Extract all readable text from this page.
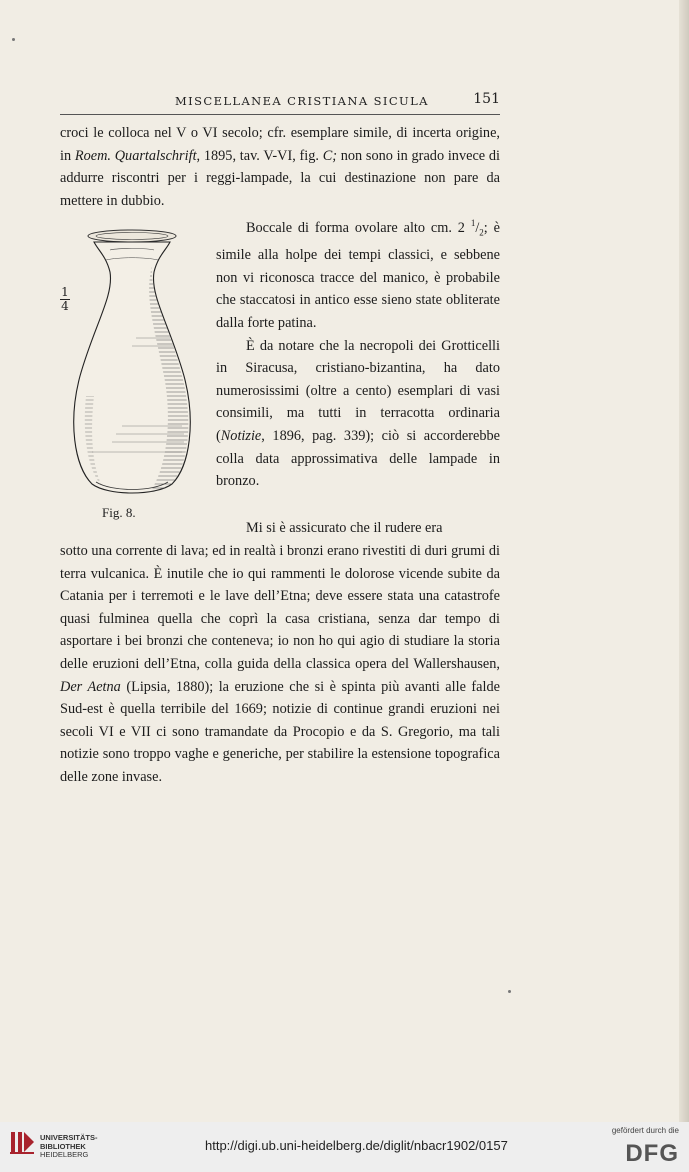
MISCELLANEA CRISTIANA SICULA	151

croci le colloca nel V o VI secolo; cfr. esemplare simile, di incerta origine, in Roem. Quartalschrift, 1895, tav. V-VI, fig. C; non sono in grado invece di addurre riscontri per i reggi-lampade, la cui destinazione non pare da mettere in dubbio.

1
4
Fig. 8.

Boccale di forma ovolare alto cm. 2 $^1/_2$; è simile alla holpe dei tempi classici, e sebbene non vi riconosca tracce del manico, è probabile che staccatosi in antico esse sieno state obliterate dalla forte patina.

È da notare che la necropoli dei Grotticelli in Siracusa, cristiano-bizantina, ha dato numerosissimi (oltre a cento) esemplari di vasi consimili, ma tutti in terracotta ordinaria (Notizie, 1896, pag. 339); ciò si accorderebbe colla data approssimativa delle lampade in bronzo.

Mi si è assicurato che il rudere era

sotto una corrente di lava; ed in realtà i bronzi erano rivestiti di duri grumi di terra vulcanica. È inutile che io qui rammenti le dolorose vicende subite da Catania per i terremoti e le lave dell’Etna; deve essere stata una catastrofe quasi fulminea quella che coprì la casa cristiana, senza dar tempo di asportare i bei bronzi che conteneva; io non ho qui agio di studiare la storia delle eruzioni dell’Etna, colla guida della classica opera del Wallershausen, Der Aetna (Lipsia, 1880); la eruzione che si è spinta più avanti alle falde Sud-est è quella terribile del 1669; notizie di continue grandi eruzioni nei secoli VI e VII ci sono tramandate da Procopio e da S. Gregorio, ma tali notizie sono troppo vaghe e generiche, per stabilire la estensione topografica delle zone invase.

UNIVERSITÄTS-
BIBLIOTHEK
HEIDELBERG
http://digi.ub.uni-heidelberg.de/diglit/nbacr1902/0157
gefördert durch die
DFG
